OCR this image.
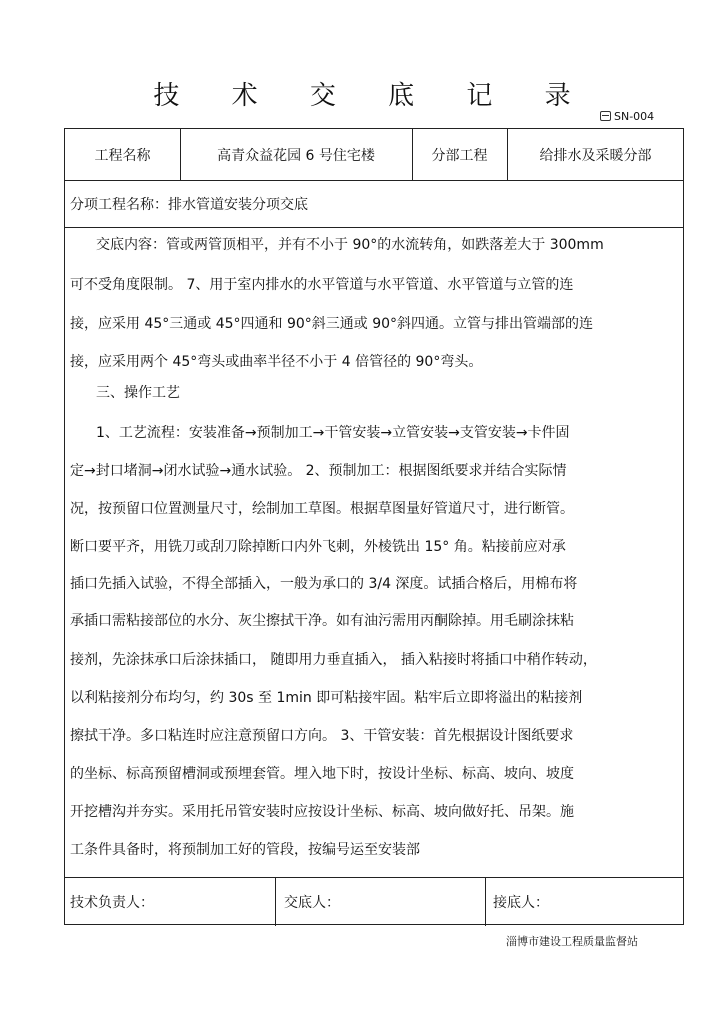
技 术 交 底 记 录
SN-004
工程名称	高青众益花园 6 号住宅楼	分部工程	给排水及采暖分部
分项工程名称：排水管道安装分项交底
交底内容：管或两管顶相平，并有不小于 90°的水流转角，如跌落差大于 300mm
可不受角度限制。 7、用于室内排水的水平管道与水平管道、水平管道与立管的连
接，应采用 45°三通或 45°四通和 90°斜三通或 90°斜四通。立管与排出管端部的连
接，应采用两个 45°弯头或曲率半径不小于 4 倍管径的 90°弯头。
三、操作工艺
1、工艺流程：安装准备→预制加工→干管安装→立管安装→支管安装→卡件固
定→封口堵洞→闭水试验→通水试验。 2、预制加工：根据图纸要求并结合实际情
况，按预留口位置测量尺寸，绘制加工草图。根据草图量好管道尺寸，进行断管。
断口要平齐，用铣刀或刮刀除掉断口内外飞刺，外棱铣出 15° 角。粘接前应对承
插口先插入试验，不得全部插入，一般为承口的 3/4 深度。试插合格后，用棉布将
承插口需粘接部位的水分、灰尘擦拭干净。如有油污需用丙酮除掉。用毛刷涂抹粘
接剂，先涂抹承口后涂抹插口， 随即用力垂直插入， 插入粘接时将插口中稍作转动，
以利粘接剂分布均匀，约 30s 至 1min 即可粘接牢固。粘牢后立即将溢出的粘接剂
擦拭干净。多口粘连时应注意预留口方向。 3、干管安装：首先根据设计图纸要求
的坐标、标高预留槽洞或预埋套管。埋入地下时，按设计坐标、标高、坡向、坡度
开挖槽沟并夯实。采用托吊管安装时应按设计坐标、标高、坡向做好托、吊架。施
工条件具备时，将预制加工好的管段，按编号运至安装部
技术负责人：	交底人：	接底人：
淄博市建设工程质量监督站
